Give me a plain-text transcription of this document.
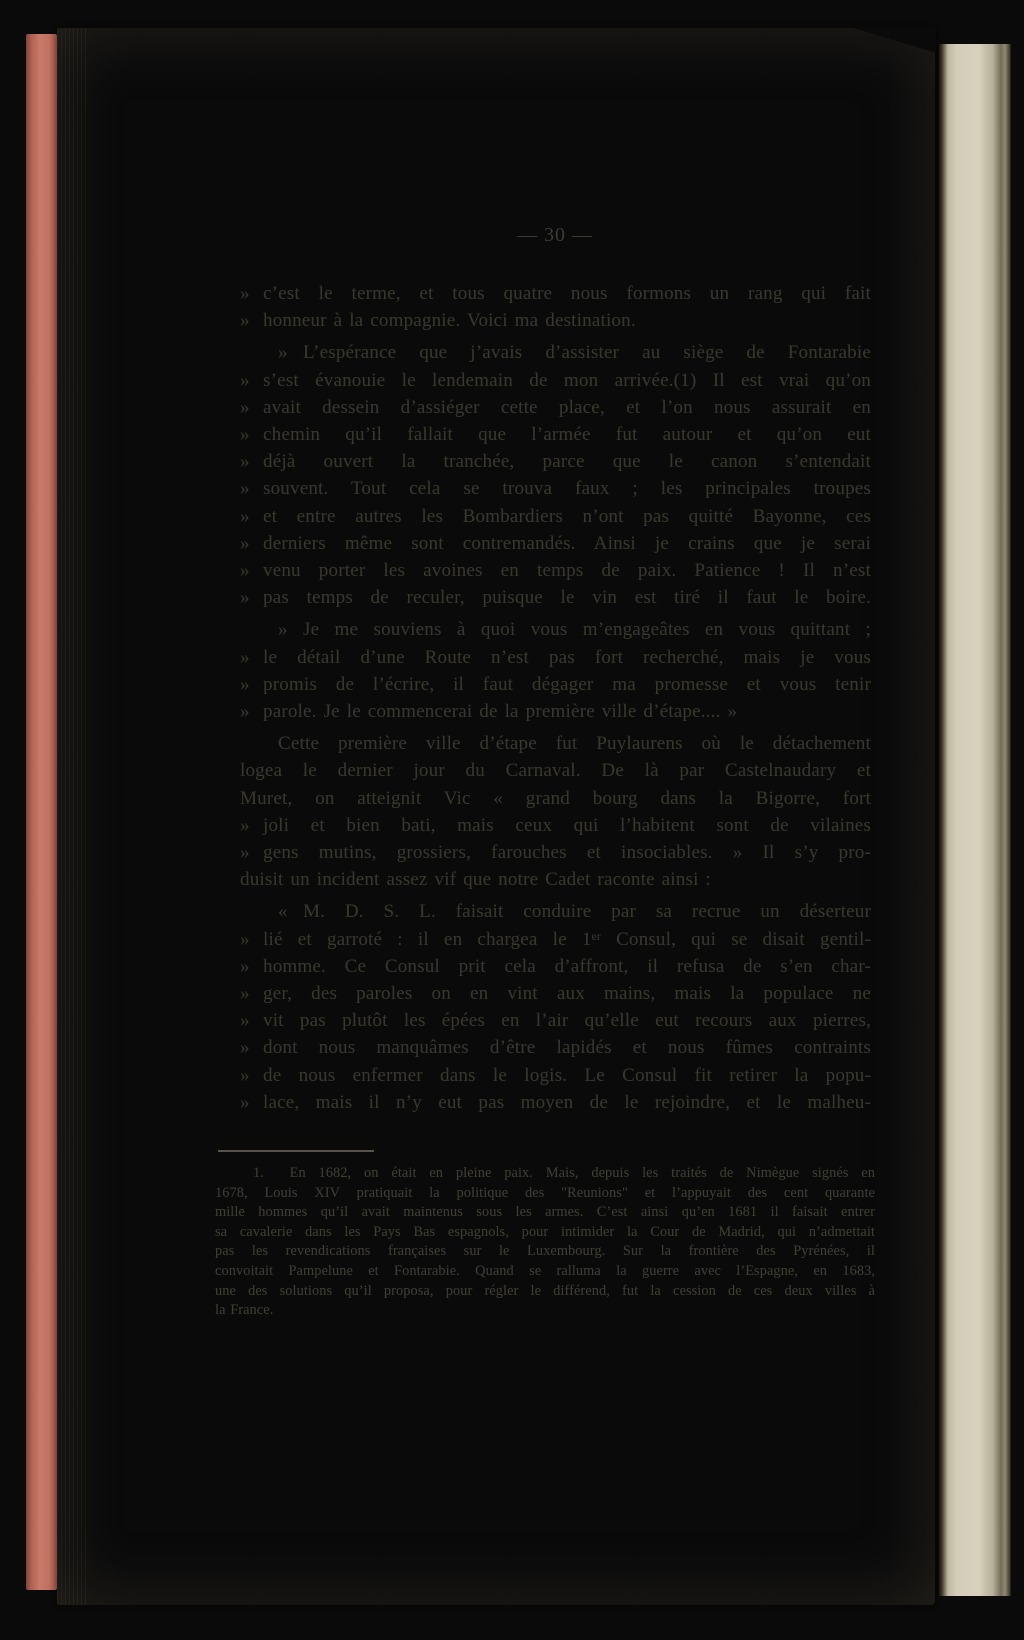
— 30 —
» c’est le terme, et tous quatre nous formons un rang qui fait
» honneur à la compagnie. Voici ma destination.
» L’espérance que j’avais d’assister au siège de Fontarabie
» s’est évanouie le lendemain de mon arrivée.(1) Il est vrai qu’on
» avait dessein d’assiéger cette place, et l’on nous assurait en
» chemin qu’il fallait que l’armée fut autour et qu’on eut
» déjà ouvert la tranchée, parce que le canon s’entendait
» souvent. Tout cela se trouva faux ; les principales troupes
» et entre autres les Bombardiers n’ont pas quitté Bayonne, ces
» derniers même sont contremandés. Ainsi je crains que je serai
» venu porter les avoines en temps de paix. Patience ! Il n’est
» pas temps de reculer, puisque le vin est tiré il faut le boire.
» Je me souviens à quoi vous m’engageâtes en vous quittant ;
» le détail d’une Route n’est pas fort recherché, mais je vous
» promis de l’écrire, il faut dégager ma promesse et vous tenir
» parole. Je le commencerai de la première ville d’étape.... »
Cette première ville d’étape fut Puylaurens où le détachement
logea le dernier jour du Carnaval. De là par Castelnaudary et
Muret, on atteignit Vic « grand bourg dans la Bigorre, fort
» joli et bien bati, mais ceux qui l’habitent sont de vilaines
» gens mutins, grossiers, farouches et insociables. » Il s’y pro-
duisit un incident assez vif que notre Cadet raconte ainsi :
« M. D. S. L. faisait conduire par sa recrue un déserteur
» lié et garroté : il en chargea le 1ᵉʳ Consul, qui se disait gentil-
» homme. Ce Consul prit cela d’affront, il refusa de s’en char-
» ger, des paroles on en vint aux mains, mais la populace ne
» vit pas plutôt les épées en l’air qu’elle eut recours aux pierres,
» dont nous manquâmes d’être lapidés et nous fûmes contraints
» de nous enfermer dans le logis. Le Consul fit retirer la popu-
» lace, mais il n’y eut pas moyen de le rejoindre, et le malheu-
1.  En 1682, on était en pleine paix. Mais, depuis les traités de Nimègue signés en
1678, Louis XIV pratiquait la politique des "Reunions" et l’appuyait des cent quarante
mille hommes qu’il avait maintenus sous les armes. C’est ainsi qu’en 1681 il faisait entrer
sa cavalerie dans les Pays Bas espagnols, pour intimider la Cour de Madrid, qui n’admettait
pas les revendications françaises sur le Luxembourg. Sur la frontière des Pyrénées, il
convoitait Pampelune et Fontarabie. Quand se ralluma la guerre avec l’Espagne, en 1683,
une des solutions qu’il proposa, pour régler le différend, fut la cession de ces deux villes à
la France.
